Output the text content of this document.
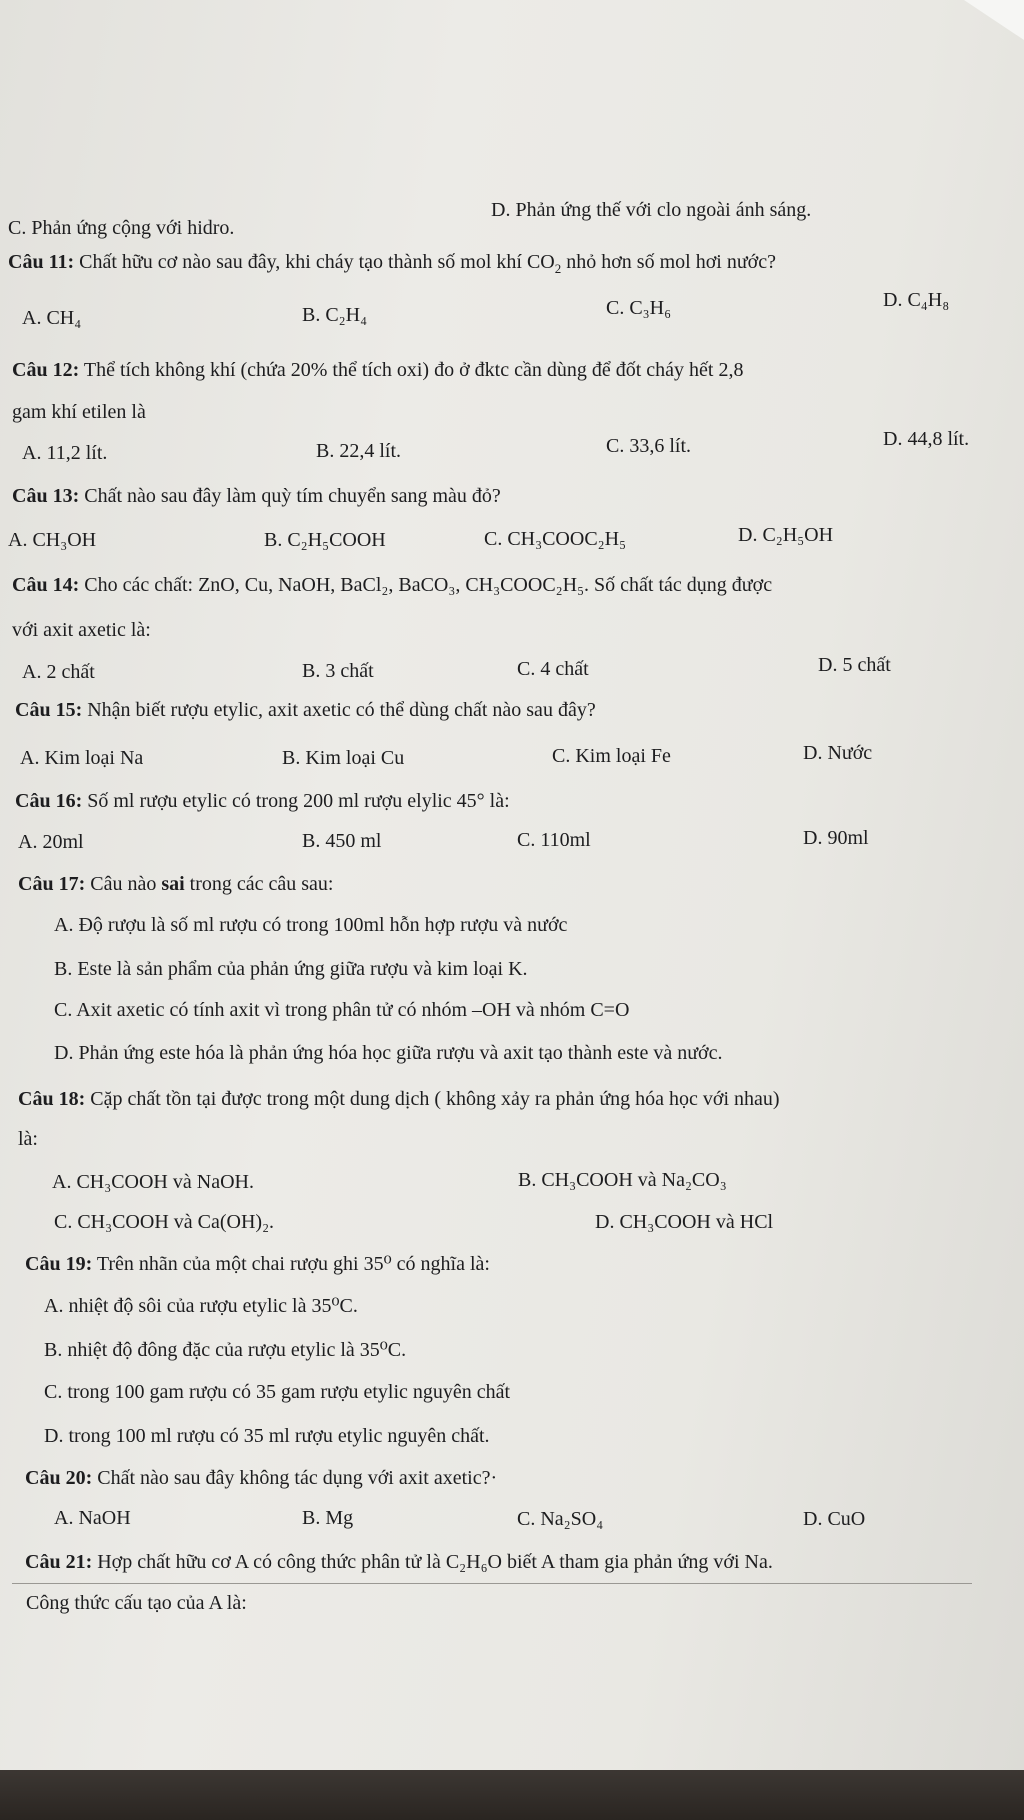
C. Phản ứng cộng với hidro.
D. Phản ứng thế với clo ngoài ánh sáng.
Câu 11: Chất hữu cơ nào sau đây, khi cháy tạo thành số mol khí $CO_2$ nhỏ hơn số mol hơi nước?
A. CH₄	B. C₂H₄	C. C₃H₆	D. C₄H₈
Câu 12: Thể tích không khí (chứa 20% thể tích oxi) đo ở đktc cần dùng để đốt cháy hết 2,8
gam khí etilen là
A. 11,2 lít.	B. 22,4 lít.	C. 33,6 lít.	D. 44,8 lít.
Câu 13: Chất nào sau đây làm quỳ tím chuyển sang màu đỏ?
A. CH₃OH	B. C₂H₅COOH	C. CH₃COOC₂H₅	D. C₂H₅OH
Câu 14: Cho các chất: ZnO, Cu, NaOH, BaCl₂, BaCO₃, CH₃COOC₂H₅. Số chất tác dụng được
với axit axetic là:
A. 2 chất	B. 3 chất	C. 4 chất	D. 5 chất
Câu 15: Nhận biết rượu etylic, axit axetic có thể dùng chất nào sau đây?
A. Kim loại Na	B. Kim loại Cu	C. Kim loại Fe	D. Nước
Câu 16: Số ml rượu etylic có trong 200 ml rượu elylic 45° là:
A. 20ml	B. 450 ml	C. 110ml	D. 90ml
Câu 17: Câu nào sai trong các câu sau:
A. Độ rượu là số ml rượu có trong 100ml hỗn hợp rượu và nước
B. Este là sản phẩm của phản ứng giữa rượu và kim loại K.
C. Axit axetic có tính axit vì trong phân tử có nhóm –OH và nhóm C=O
D. Phản ứng este hóa là phản ứng hóa học giữa rượu và axit tạo thành este và nước.
Câu 18: Cặp chất tồn tại được trong một dung dịch ( không xảy ra phản ứng hóa học với nhau)
là:
A. CH₃COOH và NaOH.	B. CH₃COOH và Na₂CO₃
C. CH₃COOH và Ca(OH)₂.	D. CH₃COOH và HCl
Câu 19: Trên nhãn của một chai rượu ghi 35⁰ có nghĩa là:
A. nhiệt độ sôi của rượu etylic là 35⁰C.
B. nhiệt độ đông đặc của rượu etylic là 35⁰C.
C. trong 100 gam rượu có 35 gam rượu etylic nguyên chất
D. trong 100 ml rượu có 35 ml rượu etylic nguyên chất.
Câu 20: Chất nào sau đây không tác dụng với axit axetic?·
A. NaOH	B. Mg	C. Na₂SO₄	D. CuO
Câu 21: Hợp chất hữu cơ A có công thức phân tử là C₂H₆O biết A tham gia phản ứng với Na.
Công thức cấu tạo của A là:
